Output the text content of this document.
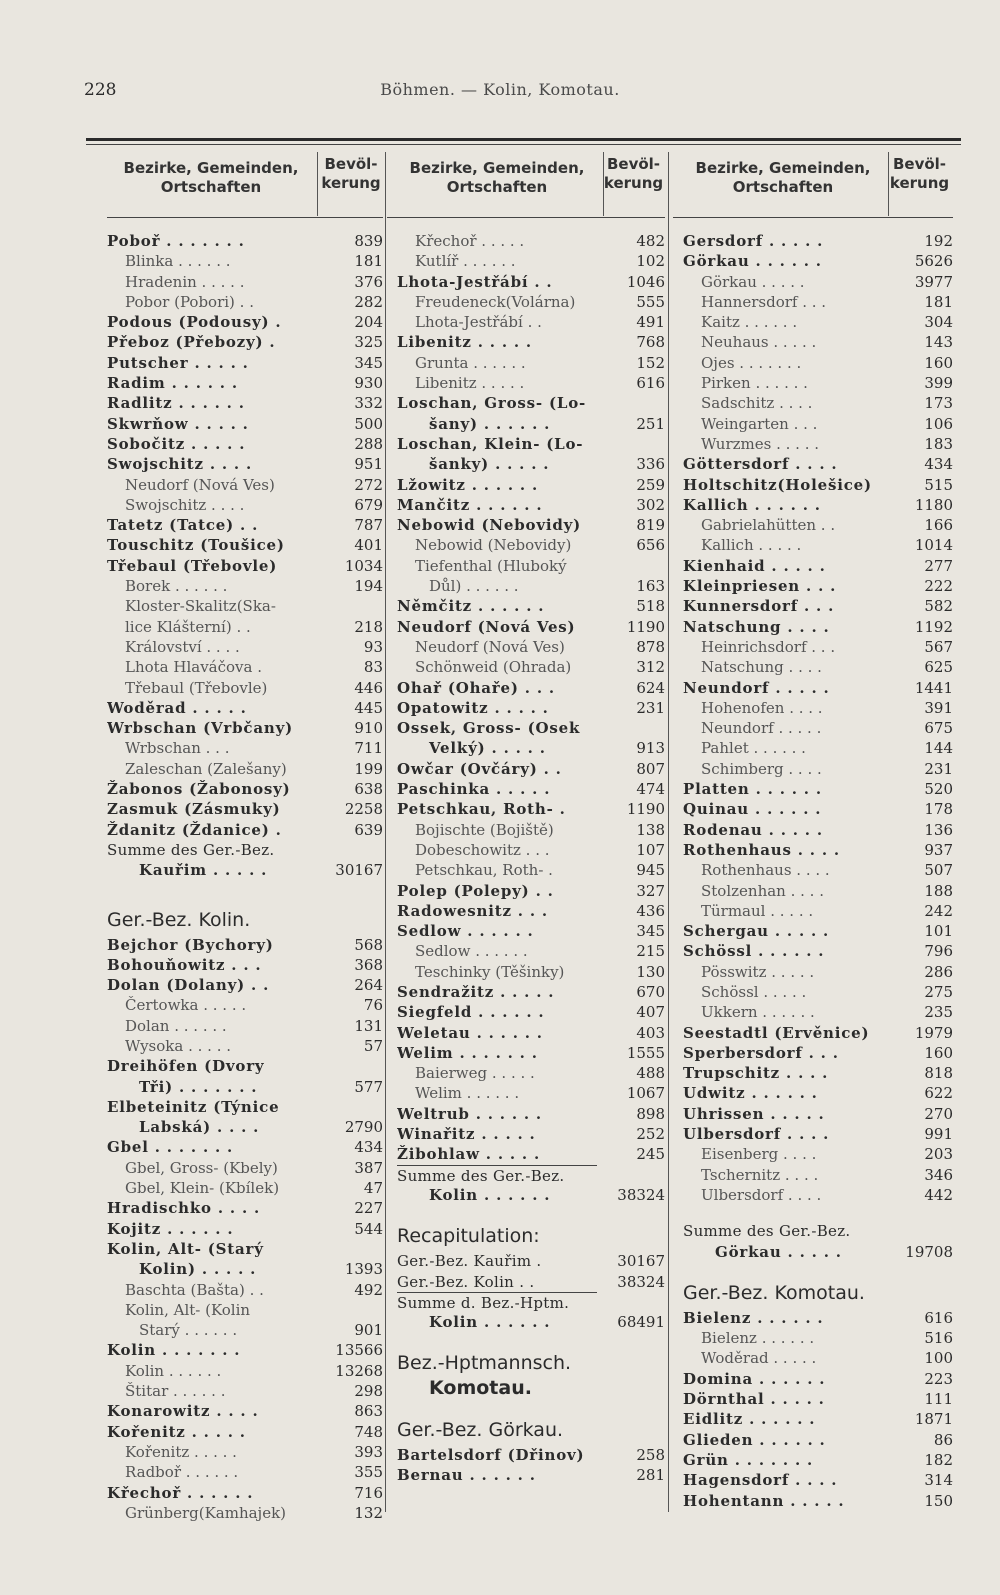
228	Böhmen. — Kolin, Komotau.
Bezirke, Gemeinden, Ortschaften
Bevöl- kerung
Poboř . . . . . . .	839
Blinka . . . . . .	181
Hradenin . . . . .	376
Pobor (Pobori) . .	282
Podous (Podousy) .	204
Přeboz (Přebozy) .	325
Putscher . . . . .	345
Radim . . . . . .	930
Radlitz . . . . . .	332
Skwrňow . . . . .	500
Sobočitz . . . . .	288
Swojschitz . . . .	951
Neudorf (Nová Ves)	272
Swojschitz . . . .	679
Tatetz (Tatce) . .	787
Touschitz (Toušice)	401
Třebaul (Třebovle)	1034
Borek . . . . . .	194
Kloster-Skalitz(Ska-
lice Klášterní) . .	218
Království . . . .	93
Lhota Hlaváčova .	83
Třebaul (Třebovle)	446
Woděrad . . . . .	445
Wrbschan (Vrbčany)	910
Wrbschan . . .	711
Zaleschan (Zalešany)	199
Žabonos (Žabonosy)	638
Zasmuk (Zásmuky)	2258
Ždanitz (Ždanice) .	639
Summe des Ger.-Bez.
Kauřim . . . . .	30167
Ger.-Bez. Kolin.
Bejchor (Bychory)	568
Bohouňowitz . . .	368
Dolan (Dolany) . .	264
Čertowka . . . . .	76
Dolan . . . . . .	131
Wysoka . . . . .	57
Dreihöfen (Dvory
Tři) . . . . . . .	577
Elbeteinitz (Týnice
Labská) . . . .	2790
Gbel . . . . . . .	434
Gbel, Gross- (Kbely)	387
Gbel, Klein- (Kbílek)	47
Hradischko . . . .	227
Kojitz . . . . . .	544
Kolin, Alt- (Starý
Kolin) . . . . .	1393
Baschta (Bašta) . .	492
Kolin, Alt- (Kolin
Starý . . . . . .	901
Kolin . . . . . . .	13566
Kolin . . . . . .	13268
Štitar . . . . . .	298
Konarowitz . . . .	863
Kořenitz . . . . .	748
Kořenitz . . . . .	393
Radboř . . . . . .	355
Křechoř . . . . . .	716
Grünberg(Kamhajek)	132
Bezirke, Gemeinden, Ortschaften
Bevöl- kerung
Křechoř . . . . .	482
Kutlíř . . . . . .	102
Lhota-Jestřábí . .	1046
Freudeneck(Volárna)	555
Lhota-Jestřábí . .	491
Libenitz . . . . .	768
Grunta . . . . . .	152
Libenitz . . . . .	616
Loschan, Gross- (Lo-
šany) . . . . . .	251
Loschan, Klein- (Lo-
šanky) . . . . .	336
Lžowitz . . . . . .	259
Mančitz . . . . . .	302
Nebowid (Nebovidy)	819
Nebowid (Nebovidy)	656
Tiefenthal (Hluboký
Důl) . . . . . .	163
Němčitz . . . . . .	518
Neudorf (Nová Ves)	1190
Neudorf (Nová Ves)	878
Schönweid (Ohrada)	312
Ohař (Ohaře) . . .	624
Opatowitz . . . . .	231
Ossek, Gross- (Osek
Velký) . . . . .	913
Owčar (Ovčáry) . .	807
Paschinka . . . . .	474
Petschkau, Roth- .	1190
Bojischte (Bojiště)	138
Dobeschowitz . . .	107
Petschkau, Roth- .	945
Polep (Polepy) . .	327
Radowesnitz . . .	436
Sedlow . . . . . .	345
Sedlow . . . . . .	215
Teschinky (Těšinky)	130
Sendražitz . . . . .	670
Siegfeld . . . . . .	407
Weletau . . . . . .	403
Welim . . . . . . .	1555
Baierweg . . . . .	488
Welim . . . . . .	1067
Weltrub . . . . . .	898
Winařitz . . . . .	252
Žibohlaw . . . . .	245
Summe des Ger.-Bez.
Kolin . . . . . .	38324
Recapitulation:
Ger.-Bez. Kauřim .	30167
Ger.-Bez. Kolin . .	38324
Summe d. Bez.-Hptm.
Kolin . . . . . .	68491
Bez.-Hptmannsch.
Komotau.
Ger.-Bez. Görkau.
Bartelsdorf (Dřinov)	258
Bernau . . . . . .	281
Bezirke, Gemeinden, Ortschaften
Bevöl- kerung
Gersdorf . . . . .	192
Görkau . . . . . .	5626
Görkau . . . . .	3977
Hannersdorf . . .	181
Kaitz . . . . . .	304
Neuhaus . . . . .	143
Ojes . . . . . . .	160
Pirken . . . . . .	399
Sadschitz . . . .	173
Weingarten . . .	106
Wurzmes . . . . .	183
Göttersdorf . . . .	434
Holtschitz(Holešice)	515
Kallich . . . . . .	1180
Gabrielahütten . .	166
Kallich . . . . .	1014
Kienhaid . . . . .	277
Kleinpriesen . . .	222
Kunnersdorf . . .	582
Natschung . . . .	1192
Heinrichsdorf . . .	567
Natschung . . . .	625
Neundorf . . . . .	1441
Hohenofen . . . .	391
Neundorf . . . . .	675
Pahlet . . . . . .	144
Schimberg . . . .	231
Platten . . . . . .	520
Quinau . . . . . .	178
Rodenau . . . . .	136
Rothenhaus . . . .	937
Rothenhaus . . . .	507
Stolzenhan . . . .	188
Türmaul . . . . .	242
Schergau . . . . .	101
Schössl . . . . . .	796
Pösswitz . . . . .	286
Schössl . . . . .	275
Ukkern . . . . . .	235
Seestadtl (Ervěnice)	1979
Sperbersdorf . . .	160
Trupschitz . . . .	818
Udwitz . . . . . .	622
Uhrissen . . . . .	270
Ulbersdorf . . . .	991
Eisenberg . . . .	203
Tschernitz . . . .	346
Ulbersdorf . . . .	442
Summe des Ger.-Bez.
Görkau . . . . .	19708
Ger.-Bez. Komotau.
Bielenz . . . . . .	616
Bielenz . . . . . .	516
Woděrad . . . . .	100
Domina . . . . . .	223
Dörnthal . . . . .	111
Eidlitz . . . . . .	1871
Glieden . . . . . .	86
Grün . . . . . . .	182
Hagensdorf . . . .	314
Hohentann . . . . .	150
